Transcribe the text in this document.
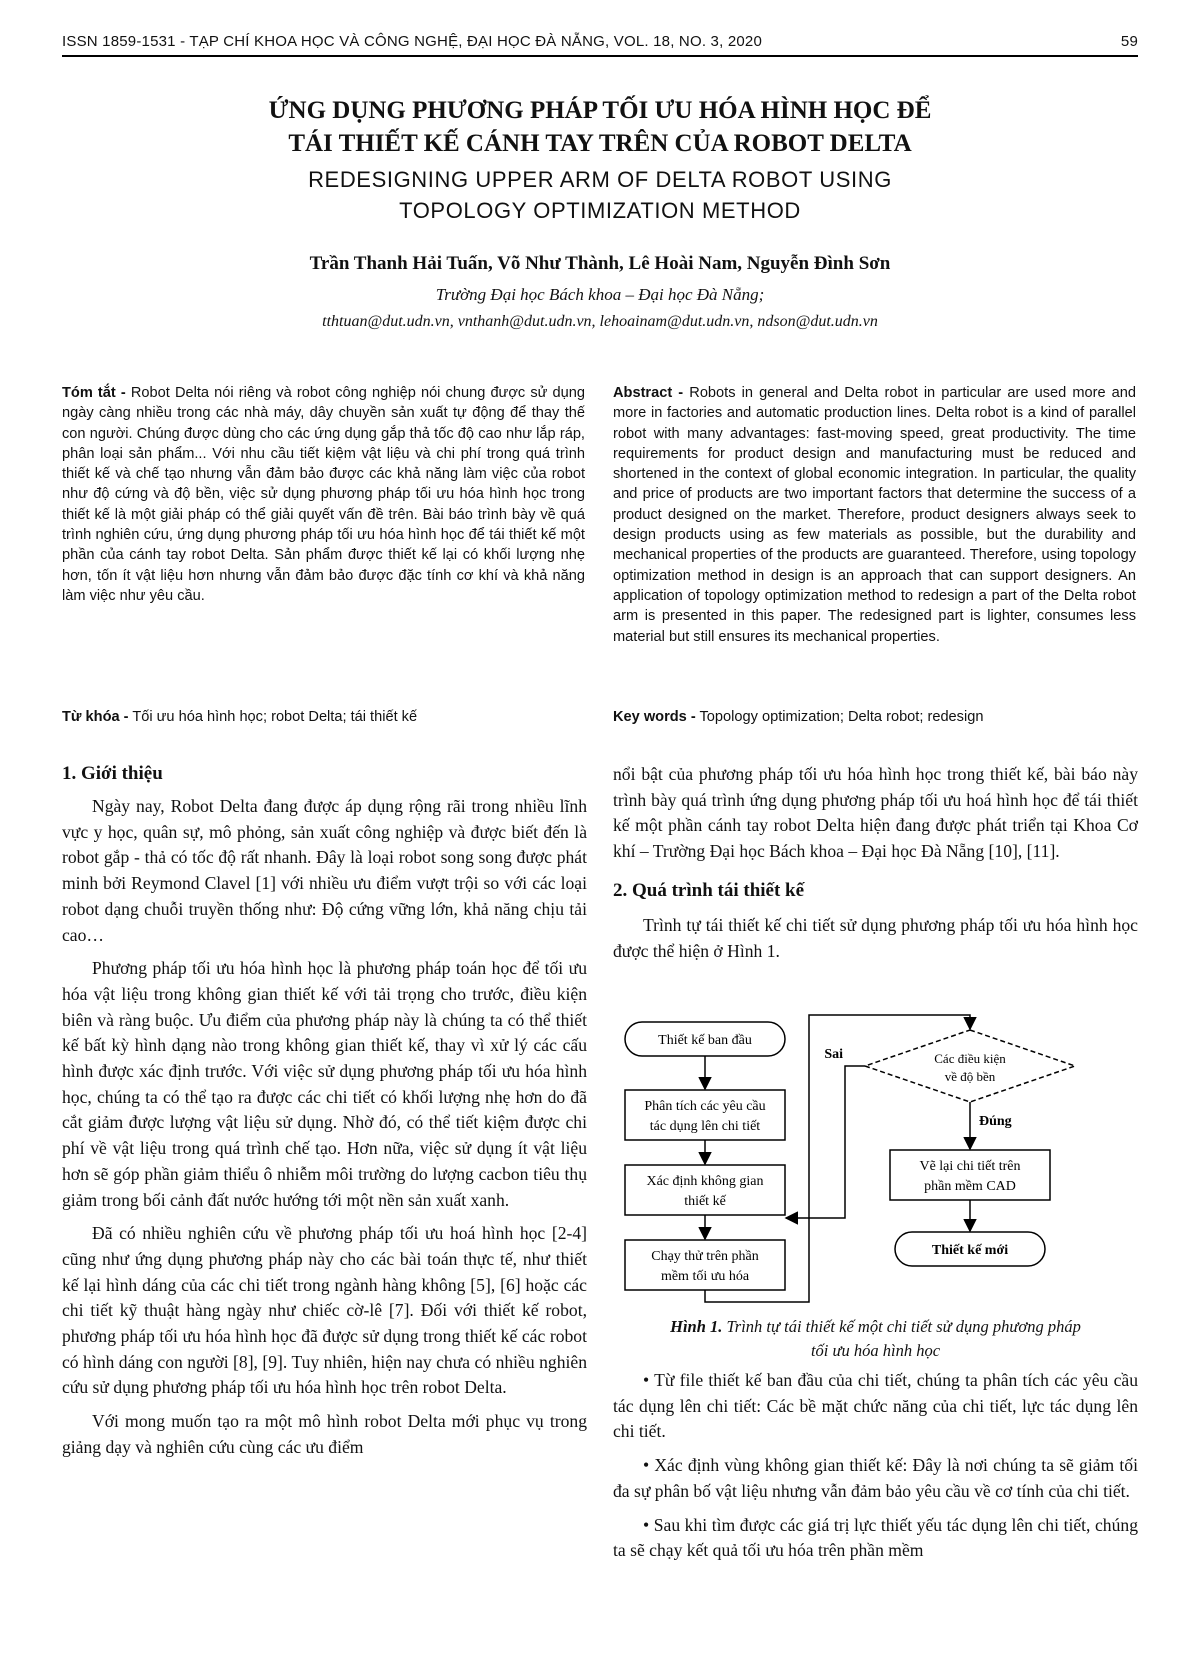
ISSN 1859-1531 - TẠP CHÍ KHOA HỌC VÀ CÔNG NGHỆ, ĐẠI HỌC ĐÀ NẴNG, VOL. 18, NO. 3, 2020	59
ỨNG DỤNG PHƯƠNG PHÁP TỐI ƯU HÓA HÌNH HỌC ĐỂ
TÁI THIẾT KẾ CÁNH TAY TRÊN CỦA ROBOT DELTA
REDESIGNING UPPER ARM OF DELTA ROBOT USING
TOPOLOGY OPTIMIZATION METHOD
Trần Thanh Hải Tuấn, Võ Như Thành, Lê Hoài Nam, Nguyễn Đình Sơn
Trường Đại học Bách khoa – Đại học Đà Nẵng;
tthtuan@dut.udn.vn, vnthanh@dut.udn.vn, lehoainam@dut.udn.vn, ndson@dut.udn.vn
Tóm tắt - Robot Delta nói riêng và robot công nghiệp nói chung được sử dụng ngày càng nhiều trong các nhà máy, dây chuyền sản xuất tự động để thay thế con người. Chúng được dùng cho các ứng dụng gắp thả tốc độ cao như lắp ráp, phân loại sản phẩm... Với nhu cầu tiết kiệm vật liệu và chi phí trong quá trình thiết kế và chế tạo nhưng vẫn đảm bảo được các khả năng làm việc của robot như độ cứng và độ bền, việc sử dụng phương pháp tối ưu hóa hình học trong thiết kế là một giải pháp có thể giải quyết vấn đề trên. Bài báo trình bày về quá trình nghiên cứu, ứng dụng phương pháp tối ưu hóa hình học để tái thiết kế một phần của cánh tay robot Delta. Sản phẩm được thiết kế lại có khối lượng nhẹ hơn, tốn ít vật liệu hơn nhưng vẫn đảm bảo được đặc tính cơ khí và khả năng làm việc như yêu cầu.
Abstract - Robots in general and Delta robot in particular are used more and more in factories and automatic production lines. Delta robot is a kind of parallel robot with many advantages: fast-moving speed, great productivity. The time requirements for product design and manufacturing must be reduced and shortened in the context of global economic integration. In particular, the quality and price of products are two important factors that determine the success of a product designed on the market. Therefore, product designers always seek to design products using as few materials as possible, but the durability and mechanical properties of the products are guaranteed. Therefore, using topology optimization method in design is an approach that can support designers. An application of topology optimization method to redesign a part of the Delta robot arm is presented in this paper. The redesigned part is lighter, consumes less material but still ensures its mechanical properties.
Từ khóa - Tối ưu hóa hình học; robot Delta; tái thiết kế	Key words - Topology optimization; Delta robot; redesign
1. Giới thiệu

Ngày nay, Robot Delta đang được áp dụng rộng rãi trong nhiều lĩnh vực y học, quân sự, mô phỏng, sản xuất công nghiệp và được biết đến là robot gắp - thả có tốc độ rất nhanh. Đây là loại robot song song được phát minh bởi Reymond Clavel [1] với nhiều ưu điểm vượt trội so với các loại robot dạng chuỗi truyền thống như: Độ cứng vững lớn, khả năng chịu tải cao…

Phương pháp tối ưu hóa hình học là phương pháp toán học để tối ưu hóa vật liệu trong không gian thiết kế với tải trọng cho trước, điều kiện biên và ràng buộc. Ưu điểm của phương pháp này là chúng ta có thể thiết kế bất kỳ hình dạng nào trong không gian thiết kế, thay vì xử lý các cấu hình được xác định trước. Với việc sử dụng phương pháp tối ưu hóa hình học, chúng ta có thể tạo ra được các chi tiết có khối lượng nhẹ hơn do đã cắt giảm được lượng vật liệu sử dụng. Nhờ đó, có thể tiết kiệm được chi phí về vật liệu trong quá trình chế tạo. Hơn nữa, việc sử dụng ít vật liệu hơn sẽ góp phần giảm thiểu ô nhiễm môi trường do lượng cacbon tiêu thụ giảm trong bối cảnh đất nước hướng tới một nền sản xuất xanh.

Đã có nhiều nghiên cứu về phương pháp tối ưu hoá hình học [2-4] cũng như ứng dụng phương pháp này cho các bài toán thực tế, như thiết kế lại hình dáng của các chi tiết trong ngành hàng không [5], [6] hoặc các chi tiết kỹ thuật hàng ngày như chiếc cờ-lê [7]. Đối với thiết kế robot, phương pháp tối ưu hóa hình học đã được sử dụng trong thiết kế các robot có hình dáng con người [8], [9]. Tuy nhiên, hiện nay chưa có nhiều nghiên cứu sử dụng phương pháp tối ưu hóa hình học trên robot Delta.

Với mong muốn tạo ra một mô hình robot Delta mới phục vụ trong giảng dạy và nghiên cứu cùng các ưu điểm

nổi bật của phương pháp tối ưu hóa hình học trong thiết kế, bài báo này trình bày quá trình ứng dụng phương pháp tối ưu hoá hình học để tái thiết kế một phần cánh tay robot Delta hiện đang được phát triển tại Khoa Cơ khí – Trường Đại học Bách khoa – Đại học Đà Nẵng [10], [11].

2. Quá trình tái thiết kế

Trình tự tái thiết kế chi tiết sử dụng phương pháp tối ưu hóa hình học được thể hiện ở Hình 1.

Thiết kế ban đầu
Phân tích các yêu cầu
tác dụng lên chi tiết
Xác định không gian
thiết kế
Chạy thử trên phần
mềm tối ưu hóa
Các điều kiện
về độ bền
Sai
Đúng
Vẽ lại chi tiết trên
phần mềm CAD
Thiết kế mới
Hình 1. Trình tự tái thiết kế một chi tiết sử dụng phương pháp
tối ưu hóa hình học

• Từ file thiết kế ban đầu của chi tiết, chúng ta phân tích các yêu cầu tác dụng lên chi tiết: Các bề mặt chức năng của chi tiết, lực tác dụng lên chi tiết.

• Xác định vùng không gian thiết kế: Đây là nơi chúng ta sẽ giảm tối đa sự phân bố vật liệu nhưng vẫn đảm bảo yêu cầu về cơ tính của chi tiết.

• Sau khi tìm được các giá trị lực thiết yếu tác dụng lên chi tiết, chúng ta sẽ chạy kết quả tối ưu hóa trên phần mềm
